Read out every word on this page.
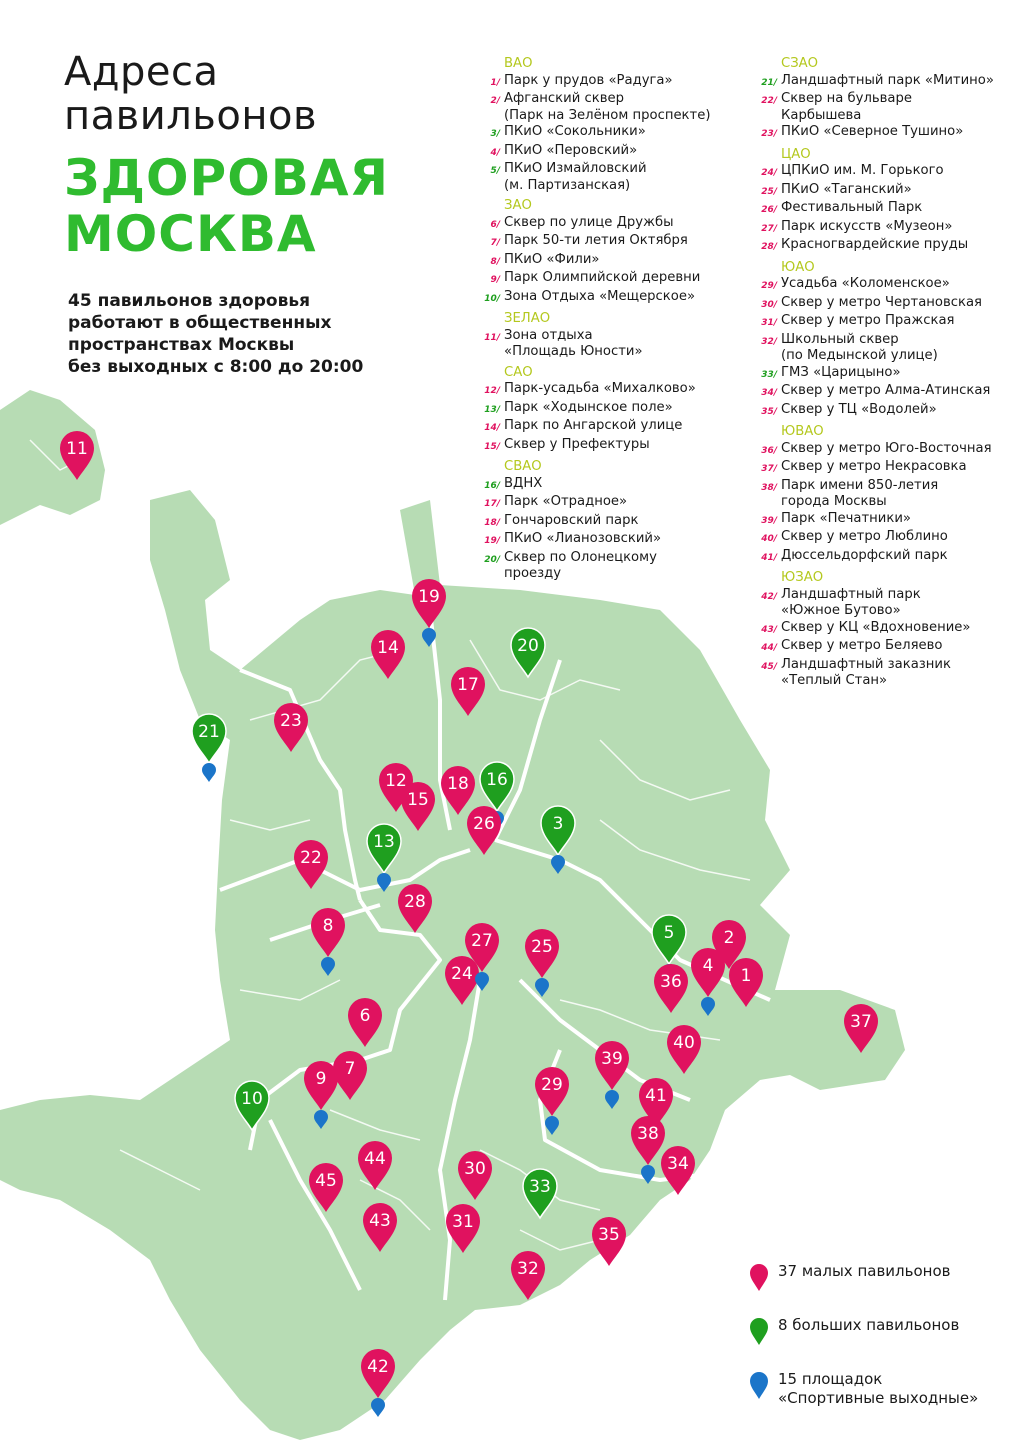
1
2
3
4
5
6
7
8
9
10
11
12
13
14
15
16
17
18
19
20
21
22
23
24
25
26
27
28
29
30
31
32
33
34
35
36
37
38
39
40
41
42
43
44
45
Адреса
павильонов
ЗДОРОВАЯ
МОСКВА
45 павильонов здоровья
работают в общественных
пространствах Москвы
без выходных с 8:00 до 20:00
ВАО
1/ Парк у прудов «Радуга»
2/ Афганский сквер
(Парк на Зелёном проспекте)
3/ ПКиО «Сокольники»
4/ ПКиО «Перовский»
5/ ПКиО Измайловский
(м. Партизанская)
ЗАО
6/ Сквер по улице Дружбы
7/ Парк 50-ти летия Октября
8/ ПКиО «Фили»
9/ Парк Олимпийской деревни
10/ Зона Отдыха «Мещерское»
ЗЕЛАО
11/ Зона отдыха
«Площадь Юности»
САО
12/ Парк-усадьба «Михалково»
13/ Парк «Ходынское поле»
14/ Парк по Ангарской улице
15/ Сквер у Префектуры
СВАО
16/ ВДНХ
17/ Парк «Отрадное»
18/ Гончаровский парк
19/ ПКиО «Лианозовский»
20/ Сквер по Олонецкому
проезду
СЗАО
21/ Ландшафтный парк «Митино»
22/ Сквер на бульваре
Карбышева
23/ ПКиО «Северное Тушино»
ЦАО
24/ ЦПКиО им. М. Горького
25/ ПКиО «Таганский»
26/ Фестивальный Парк
27/ Парк искусств «Музеон»
28/ Красногвардейские пруды
ЮАО
29/ Усадьба «Коломенское»
30/ Сквер у метро Чертановская
31/ Сквер у метро Пражская
32/ Школьный сквер
(по Медынской улице)
33/ ГМЗ «Царицыно»
34/ Сквер у метро Алма-Атинская
35/ Сквер у ТЦ «Водолей»
ЮВАО
36/ Сквер у метро Юго-Восточная
37/ Сквер у метро Некрасовка
38/ Парк имени 850-летия
города Москвы
39/ Парк «Печатники»
40/ Сквер у метро Люблино
41/ Дюссельдорфский парк
ЮЗАО
42/ Ландшафтный парк
«Южное Бутово»
43/ Сквер у КЦ «Вдохновение»
44/ Сквер у метро Беляево
45/ Ландшафтный заказник
«Теплый Стан»
37 малых павильонов
8 больших павильонов
15 площадок
«Спортивные выходные»
